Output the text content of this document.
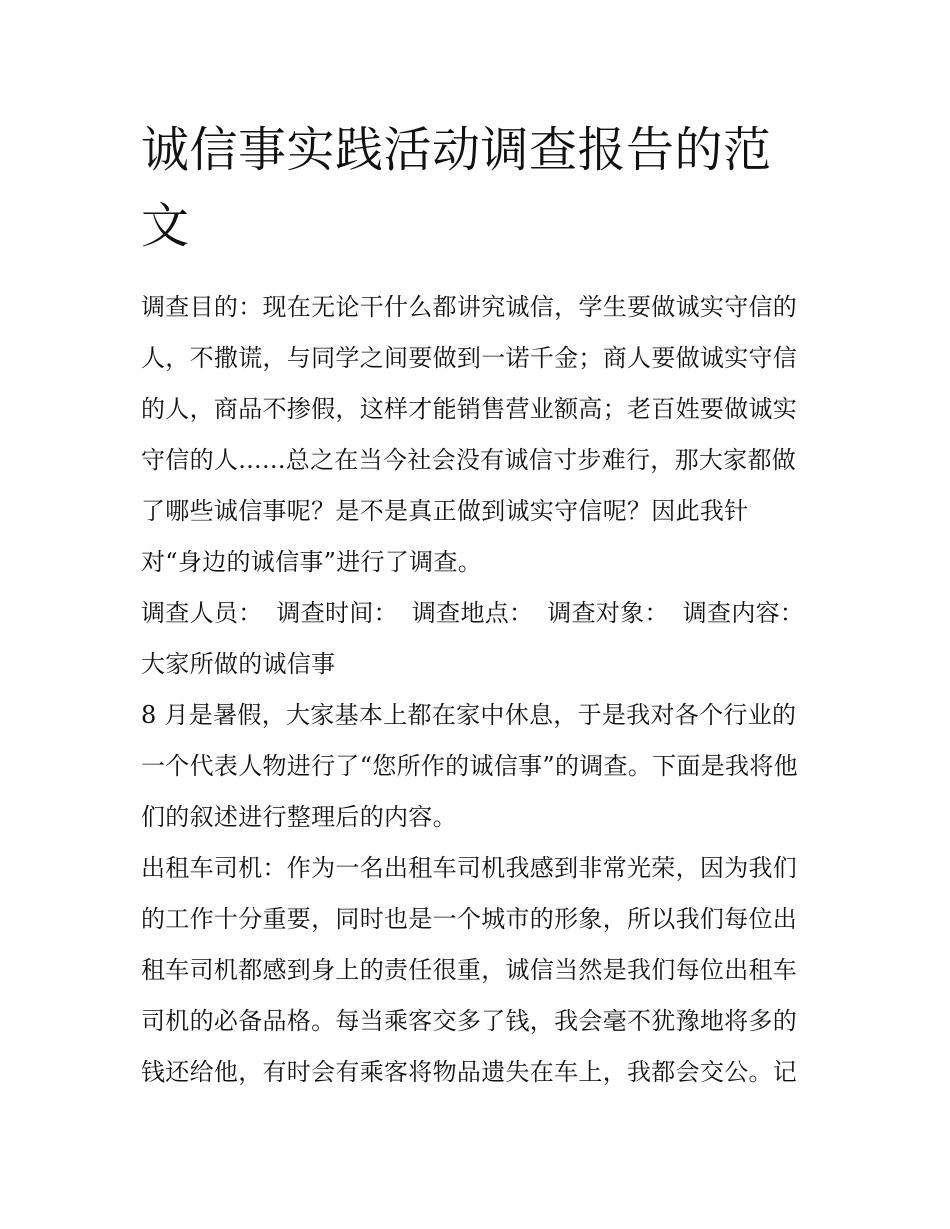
诚信事实践活动调查报告的范
文

调查目的：现在无论干什么都讲究诚信，学生要做诚实守信的
人，不撒谎，与同学之间要做到一诺千金；商人要做诚实守信
的人，商品不掺假，这样才能销售营业额高；老百姓要做诚实
守信的人......总之在当今社会没有诚信寸步难行，那大家都做
了哪些诚信事呢？是不是真正做到诚实守信呢？因此我针
对“身边的诚信事”进行了调查。

调查人员： 调查时间： 调查地点： 调查对象： 调查内容：
大家所做的诚信事

8 月是暑假，大家基本上都在家中休息，于是我对各个行业的
一个代表人物进行了“您所作的诚信事”的调查。下面是我将他
们的叙述进行整理后的内容。

出租车司机：作为一名出租车司机我感到非常光荣，因为我们
的工作十分重要，同时也是一个城市的形象，所以我们每位出
租车司机都感到身上的责任很重，诚信当然是我们每位出租车
司机的必备品格。每当乘客交多了钱，我会毫不犹豫地将多的
钱还给他，有时会有乘客将物品遗失在车上，我都会交公。记
